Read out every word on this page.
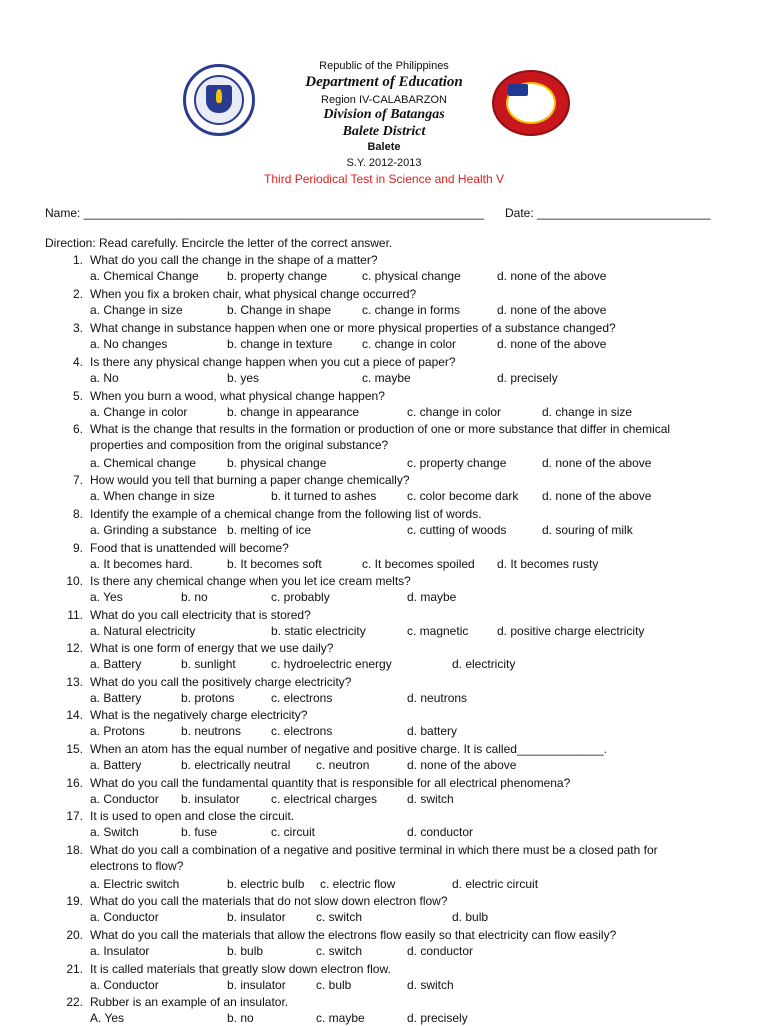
Republic of the Philippines
Department of Education
Region IV-CALABARZON
Division of Batangas
Balete District
Balete
S.Y. 2012-2013
Third Periodical Test in Science and Health V
Name: ____________________________________________________________ Date: __________________________
Direction: Read carefully. Encircle the letter of the correct answer.
1. What do you call the change in the shape of a matter?
a. Chemical Change b. property change	c. physical change	d. none of the above
2. When you fix a broken chair, what physical change occurred?
a. Change in size	b. Change in shape	c. change in forms	d. none of the above
3. What change in substance happen when one or more physical properties of a substance changed?
a. No changes	b. change in texture c. change in color	d. none of the above
4. Is there any physical change happen when you cut a piece of paper?
a. No	b. yes	c. maybe	d. precisely
5. When you burn a wood, what physical change happen?
a. Change in color	b. change in appearance	c. change in color	d. change in size
6. What is the change that results in the formation or production of one or more substance that differ in chemical
properties and composition from the original substance?
a. Chemical change	b. physical change	c. property change	d. none of the above
7. How would you tell that burning a paper change chemically?
a. When change in size	b. it turned to ashes	c. color become dark d. none of the above
8. Identify the example of a chemical change from the following list of words.
a. Grinding a substance b. melting of ice	c. cutting of woods	d. souring of milk
9. Food that is unattended will become?
a. It becomes hard.	b. It becomes soft	c. It becomes spoiled d. It becomes rusty
10. Is there any chemical change when you let ice cream melts?
a. Yes	b. no	c. probably	d. maybe
11. What do you call electricity that is stored?
a. Natural electricity	b. static electricity	c. magnetic d. positive charge electricity
12. What is one form of energy that we use daily?
a. Battery	b. sunlight	c. hydroelectric energy	d. electricity
13. What do you call the positively charge electricity?
a. Battery	b. protons	c. electrons	d. neutrons
14. What is the negatively charge electricity?
a. Protons	b. neutrons c. electrons	d. battery
15. When an atom has the equal number of negative and positive charge. It is called_____________.
a. Battery	b. electrically neutral c. neutron	d. none of the above
16. What do you call the fundamental quantity that is responsible for all electrical phenomena?
a. Conductor b. insulator	c. electrical charges d. switch
17. It is used to open and close the circuit.
a. Switch	b. fuse	c. circuit	d. conductor
18. What do you call a combination of a negative and positive terminal in which there must be a closed path for
electrons to flow?
a. Electric switch	b. electric bulb c. electric flow	d. electric circuit
19. What do you call the materials that do not slow down electron flow?
a. Conductor	b. insulator	c. switch	d. bulb
20. What do you call the materials that allow the electrons flow easily so that electricity can flow easily?
a. Insulator	b. bulb	c. switch	d. conductor
21. It is called materials that greatly slow down electron flow.
a. Conductor	b. insulator	c. bulb	d. switch
22. Rubber is an example of an insulator.
A. Yes	b. no	c. maybe	d. precisely
